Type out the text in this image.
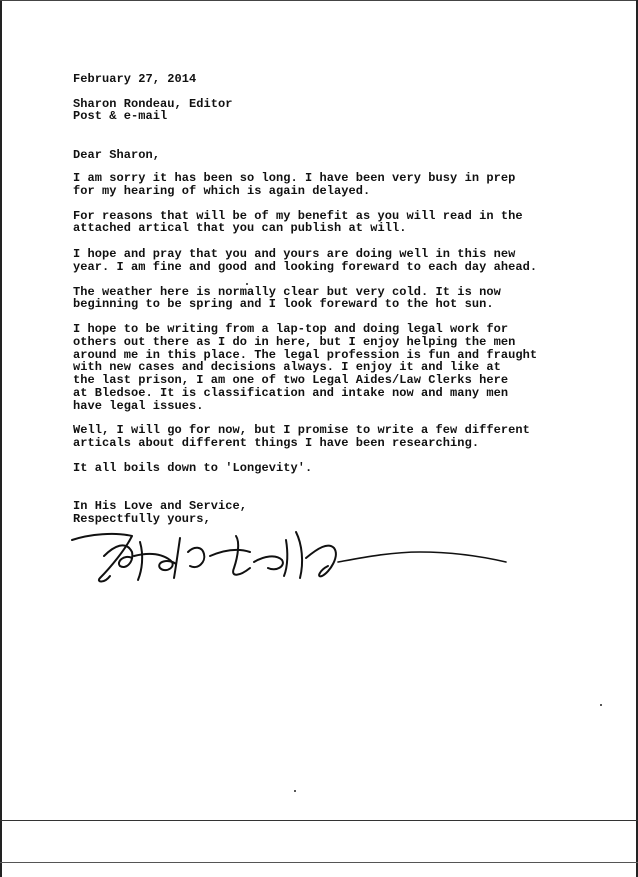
February 27, 2014
Sharon Rondeau, Editor
Post & e-mail
Dear Sharon,
I am sorry it has been so long. I have been very busy in prep
for my hearing of which is again delayed.
For reasons that will be of my benefit as you will read in the
attached artical that you can publish at will.
I hope and pray that you and yours are doing well in this new
year. I am fine and good and looking foreward to each day ahead.
The weather here is normally clear but very cold. It is now
beginning to be spring and I look foreward to the hot sun.
I hope to be writing from a lap-top and doing legal work for
others out there as I do in here, but I enjoy helping the men
around me in this place. The legal profession is fun and fraught
with new cases and decisions always. I enjoy it and like at
the last prison, I am one of two Legal Aides/Law Clerks here
at Bledsoe. It is classification and intake now and many men
have legal issues.
Well, I will go for now, but I promise to write a few different
articals about different things I have been researching.
It all boils down to 'Longevity'.
In His Love and Service,
Respectfully yours,
